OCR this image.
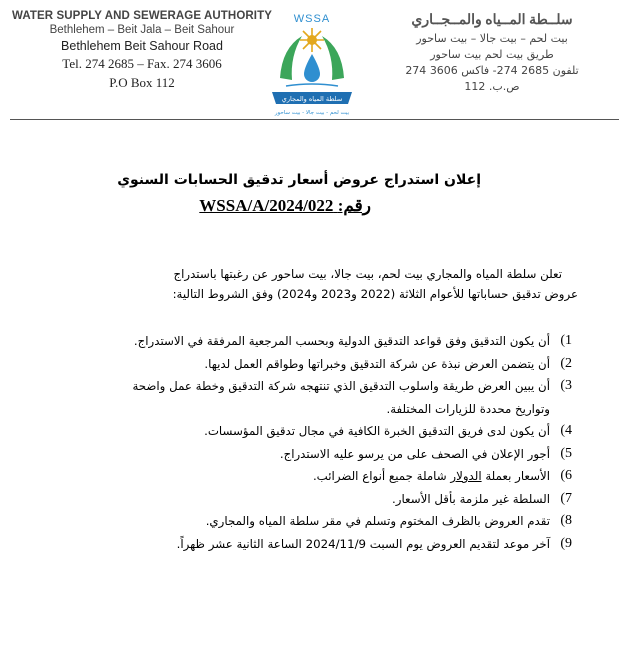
WATER SUPPLY AND SEWERAGE AUTHORITY
Bethlehem – Beit Jala – Beit Sahour
Bethlehem Beit Sahour Road
Tel. 274 2685 – Fax. 274 3606
P.O Box 112
WSSA
سلطة المياه والمجاري
بيت لحم - بيت جالا - بيت ساحور
سلــطة المــياه والمــجــاري
بيت لحم – بيت جالا – بيت ساحور
طريق بيت لحم بيت ساحور
تلفون 2685 274- فاكس 3606 274
ص.ب. 112
إعلان استدراج عروض أسعار تدقيق الحسابات السنوي
رقم: WSSA/A/2024/022

تعلن سلطة المياه والمجاري بيت لحم، بيت جالا، بيت ساحور عن رغبتها باستدراج

عروض تدقيق حساباتها للأعوام الثلاثة (2022 و2023 و2024) وفق الشروط التالية:

1)
أن يكون التدقيق وفق قواعد التدقيق الدولية وبحسب المرجعية المرفقة في الاستدراج.
2)
أن يتضمن العرض نبذة عن شركة التدقيق وخبراتها وطواقم العمل لديها.
3)
أن يبين العرض طريقة واسلوب التدقيق الذي تنتهجه شركة التدقيق وخطة عمل واضحة
وتواريخ محددة للزيارات المختلفة.
4)
أن يكون لدى فريق التدقيق الخبرة الكافية في مجال تدقيق المؤسسات.
5)
أجور الإعلان في الصحف على من يرسو عليه الاستدراج.
6)
الأسعار بعملة الدولار شاملة جميع أنواع الضرائب.
7)
السلطة غير ملزمة بأقل الأسعار.
8)
تقدم العروض بالظرف المختوم وتسلم في مقر سلطة المياه والمجاري.
9)
آخر موعد لتقديم العروض يوم السبت 2024/11/9 الساعة الثانية عشر ظهراً.
